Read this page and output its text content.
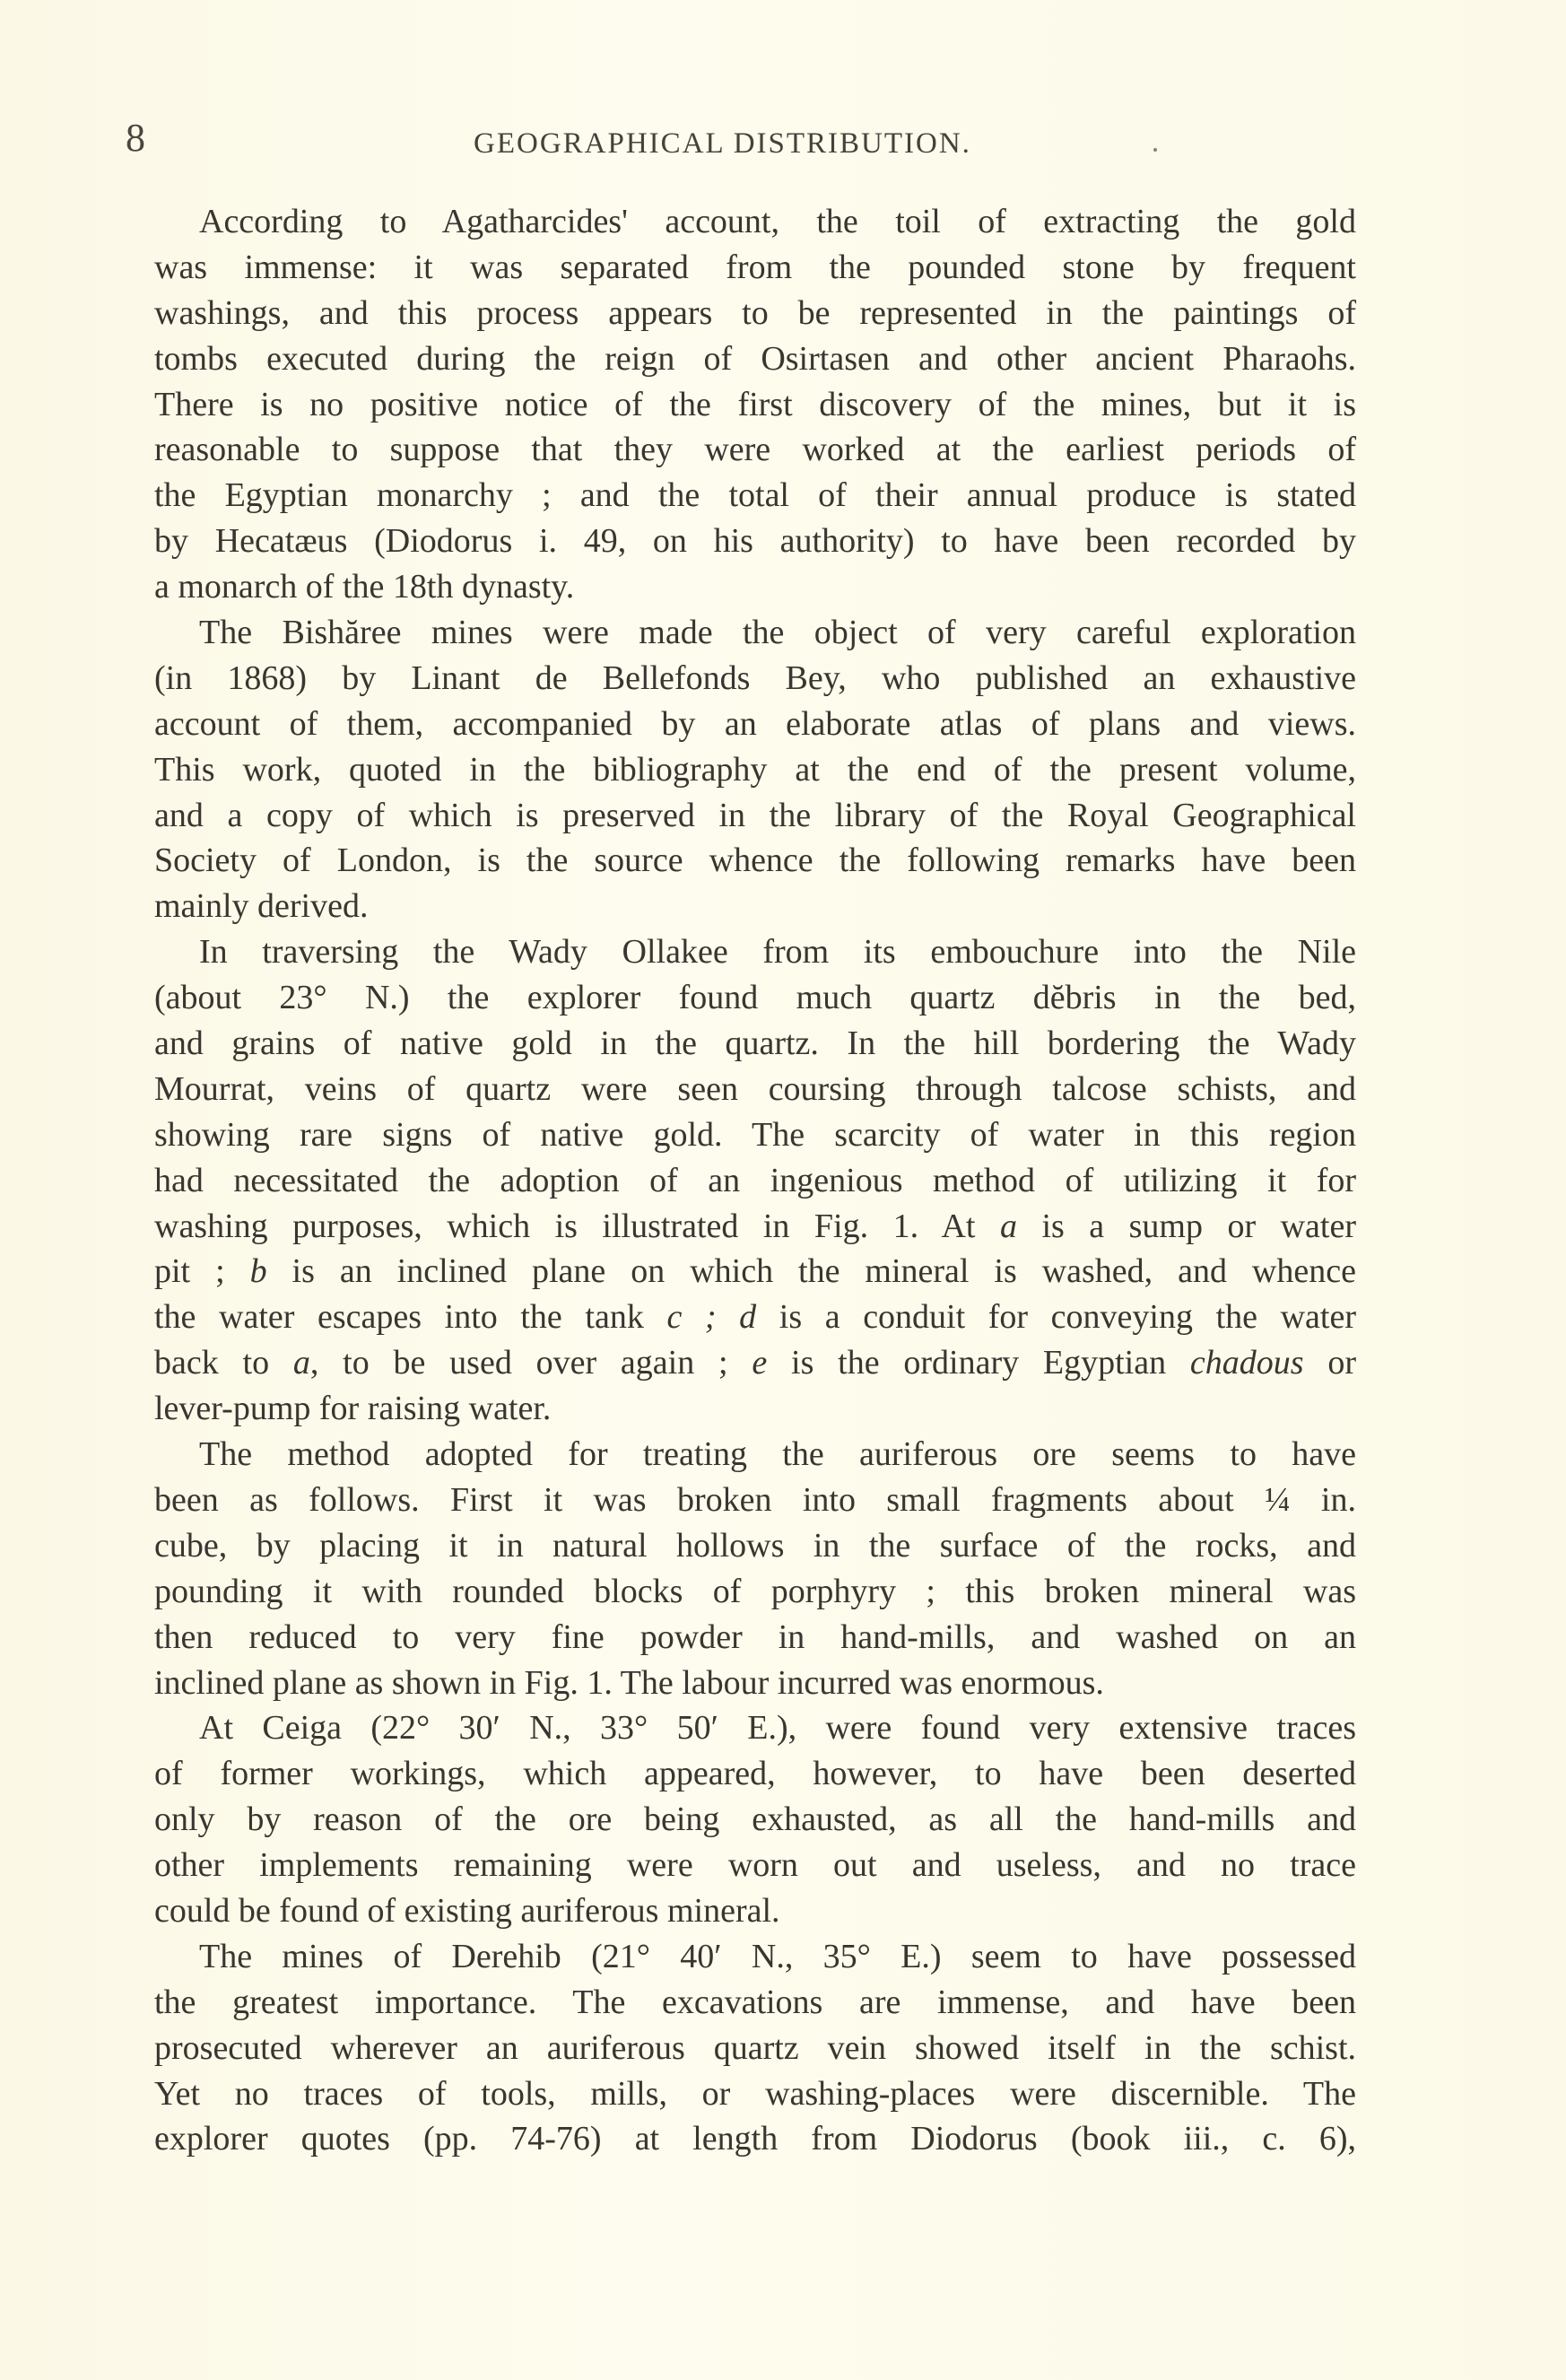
8	GEOGRAPHICAL DISTRIBUTION.
According to Agatharcides' account, the toil of extracting the gold
was immense: it was separated from the pounded stone by frequent
washings, and this process appears to be represented in the paintings of
tombs executed during the reign of Osirtasen and other ancient Pharaohs.
There is no positive notice of the first discovery of the mines, but it is
reasonable to suppose that they were worked at the earliest periods of
the Egyptian monarchy ; and the total of their annual produce is stated
by Hecatæus (Diodorus i. 49, on his authority) to have been recorded by
a monarch of the 18th dynasty.
The Bishăree mines were made the object of very careful exploration
(in 1868) by Linant de Bellefonds Bey, who published an exhaustive
account of them, accompanied by an elaborate atlas of plans and views.
This work, quoted in the bibliography at the end of the present volume,
and a copy of which is preserved in the library of the Royal Geographical
Society of London, is the source whence the following remarks have been
mainly derived.
In traversing the Wady Ollakee from its embouchure into the Nile
(about 23° N.) the explorer found much quartz dĕbris in the bed,
and grains of native gold in the quartz. In the hill bordering the Wady
Mourrat, veins of quartz were seen coursing through talcose schists, and
showing rare signs of native gold. The scarcity of water in this region
had necessitated the adoption of an ingenious method of utilizing it for
washing purposes, which is illustrated in Fig. 1. At a is a sump or water
pit ; b is an inclined plane on which the mineral is washed, and whence
the water escapes into the tank c ; d is a conduit for conveying the water
back to a, to be used over again ; e is the ordinary Egyptian chadous or
lever-pump for raising water.
The method adopted for treating the auriferous ore seems to have
been as follows. First it was broken into small fragments about ¼ in.
cube, by placing it in natural hollows in the surface of the rocks, and
pounding it with rounded blocks of porphyry ; this broken mineral was
then reduced to very fine powder in hand-mills, and washed on an
inclined plane as shown in Fig. 1. The labour incurred was enormous.
At Ceiga (22° 30′ N., 33° 50′ E.), were found very extensive traces
of former workings, which appeared, however, to have been deserted
only by reason of the ore being exhausted, as all the hand-mills and
other implements remaining were worn out and useless, and no trace
could be found of existing auriferous mineral.
The mines of Derehib (21° 40′ N., 35° E.) seem to have possessed
the greatest importance. The excavations are immense, and have been
prosecuted wherever an auriferous quartz vein showed itself in the schist.
Yet no traces of tools, mills, or washing-places were discernible. The
explorer quotes (pp. 74-76) at length from Diodorus (book iii., c. 6),
